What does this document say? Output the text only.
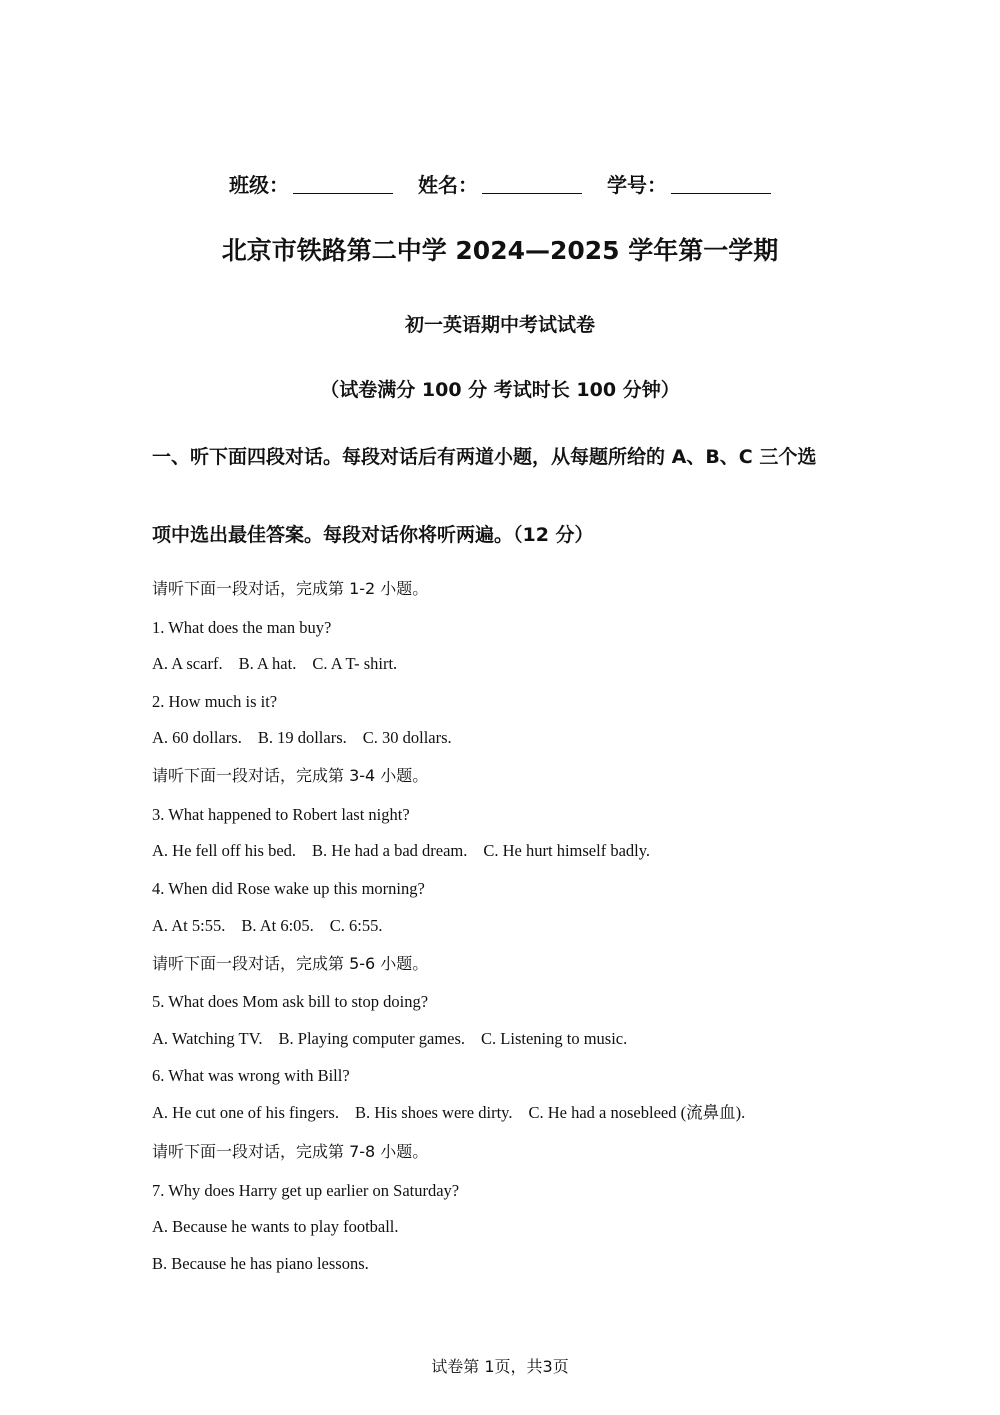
班级：	姓名：	学号：
北京市铁路第二中学 2024—2025 学年第一学期
初一英语期中考试试卷
（试卷满分 100 分 考试时长 100 分钟）
一、听下面四段对话。每段对话后有两道小题，从每题所给的 A、B、C 三个选
项中选出最佳答案。每段对话你将听两遍。（12 分）
请听下面一段对话，完成第 1-2 小题。
1. What does the man buy?
A. A scarf. B. A hat. C. A T- shirt.
2. How much is it?
A. 60 dollars. B. 19 dollars. C. 30 dollars.
请听下面一段对话，完成第 3-4 小题。
3. What happened to Robert last night?
A. He fell off his bed. B. He had a bad dream. C. He hurt himself badly.
4. When did Rose wake up this morning?
A. At 5:55. B. At 6:05. C. 6:55.
请听下面一段对话，完成第 5-6 小题。
5. What does Mom ask bill to stop doing?
A. Watching TV. B. Playing computer games. C. Listening to music.
6. What was wrong with Bill?
A. He cut one of his fingers. B. His shoes were dirty. C. He had a nosebleed (流鼻血).
请听下面一段对话，完成第 7-8 小题。
7. Why does Harry get up earlier on Saturday?
A. Because he wants to play football.
B. Because he has piano lessons.
试卷第 1页，共3页
